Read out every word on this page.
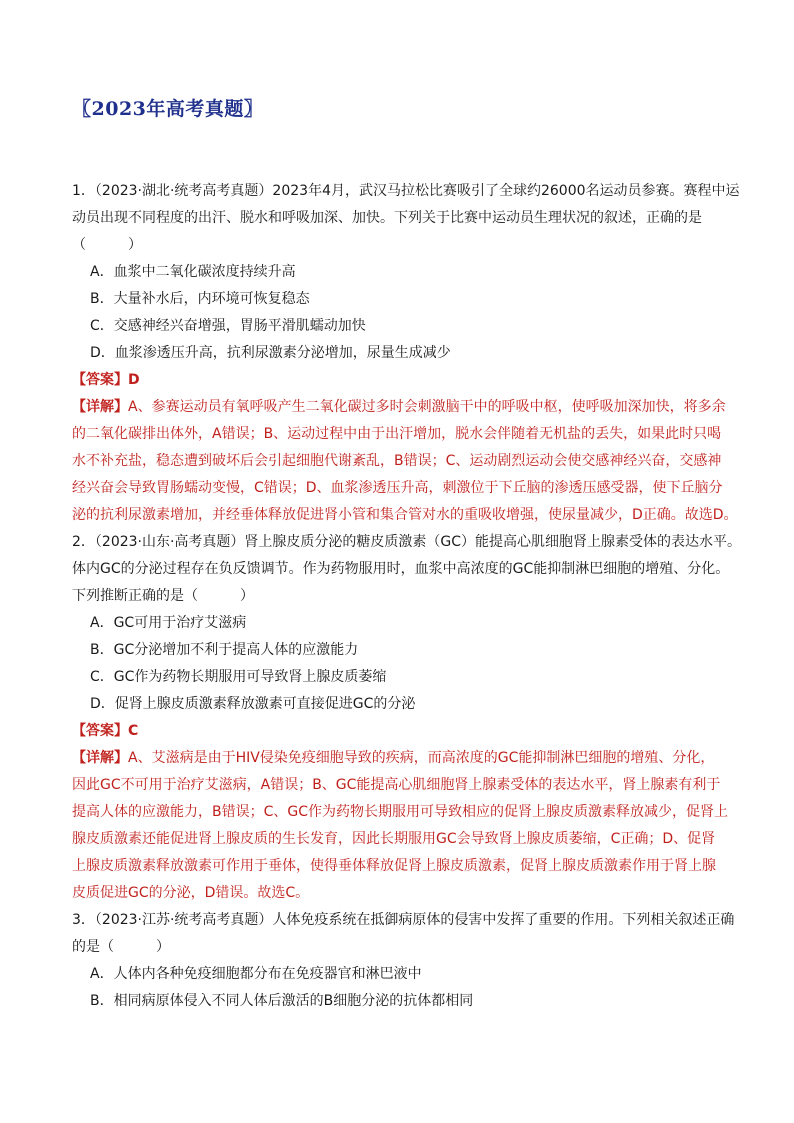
〖2023年高考真题〗
1．（2023·湖北·统考高考真题）2023年4月，武汉马拉松比赛吸引了全球约26000名运动员参赛。赛程中运
动员出现不同程度的出汗、脱水和呼吸加深、加快。下列关于比赛中运动员生理状况的叙述，正确的是
（　　　）
A．血浆中二氧化碳浓度持续升高
B．大量补水后，内环境可恢复稳态
C．交感神经兴奋增强，胃肠平滑肌蠕动加快
D．血浆渗透压升高，抗利尿激素分泌增加，尿量生成减少
【答案】D
【详解】A、参赛运动员有氧呼吸产生二氧化碳过多时会刺激脑干中的呼吸中枢，使呼吸加深加快，将多余
的二氧化碳排出体外，A错误；B、运动过程中由于出汗增加，脱水会伴随着无机盐的丢失，如果此时只喝
水不补充盐，稳态遭到破坏后会引起细胞代谢紊乱，B错误；C、运动剧烈运动会使交感神经兴奋，交感神
经兴奋会导致胃肠蠕动变慢，C错误；D、血浆渗透压升高，刺激位于下丘脑的渗透压感受器，使下丘脑分
泌的抗利尿激素增加，并经垂体释放促进肾小管和集合管对水的重吸收增强，使尿量减少，D正确。故选D。
2．（2023·山东·高考真题）肾上腺皮质分泌的糖皮质激素（GC）能提高心肌细胞肾上腺素受体的表达水平。
体内GC的分泌过程存在负反馈调节。作为药物服用时，血浆中高浓度的GC能抑制淋巴细胞的增殖、分化。
下列推断正确的是（　　　）
A．GC可用于治疗艾滋病
B．GC分泌增加不利于提高人体的应激能力
C．GC作为药物长期服用可导致肾上腺皮质萎缩
D．促肾上腺皮质激素释放激素可直接促进GC的分泌
【答案】C
【详解】A、艾滋病是由于HIV侵染免疫细胞导致的疾病，而高浓度的GC能抑制淋巴细胞的增殖、分化，
因此GC不可用于治疗艾滋病，A错误；B、GC能提高心肌细胞肾上腺素受体的表达水平，肾上腺素有利于
提高人体的应激能力，B错误；C、GC作为药物长期服用可导致相应的促肾上腺皮质激素释放减少，促肾上
腺皮质激素还能促进肾上腺皮质的生长发育，因此长期服用GC会导致肾上腺皮质萎缩，C正确；D、促肾
上腺皮质激素释放激素可作用于垂体，使得垂体释放促肾上腺皮质激素，促肾上腺皮质激素作用于肾上腺
皮质促进GC的分泌，D错误。故选C。
3．（2023·江苏·统考高考真题）人体免疫系统在抵御病原体的侵害中发挥了重要的作用。下列相关叙述正确
的是（　　　）
A．人体内各种免疫细胞都分布在免疫器官和淋巴液中
B．相同病原体侵入不同人体后激活的B细胞分泌的抗体都相同
